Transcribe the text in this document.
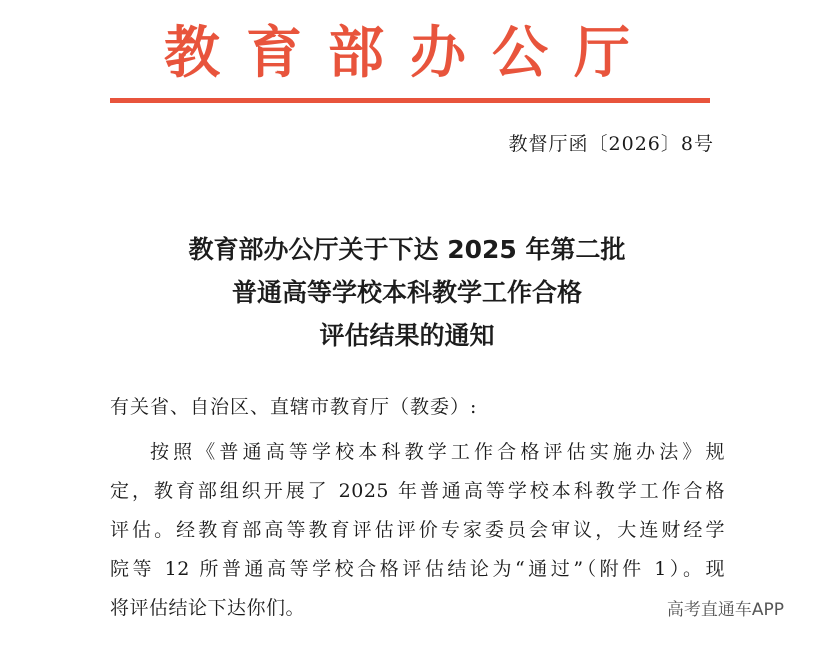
教育部办公厅
教督厅函〔2026〕8号
教育部办公厅关于下达 2025 年第二批
普通高等学校本科教学工作合格
评估结果的通知
有关省、自治区、直辖市教育厅（教委）:
按照《普通高等学校本科教学工作合格评估实施办法》规
定，教育部组织开展了 2025 年普通高等学校本科教学工作合格
评估。经教育部高等教育评估评价专家委员会审议，大连财经学
院等 12 所普通高等学校合格评估结论为“通过”（附件 1）。现
将评估结论下达你们。	高考直通车APP
